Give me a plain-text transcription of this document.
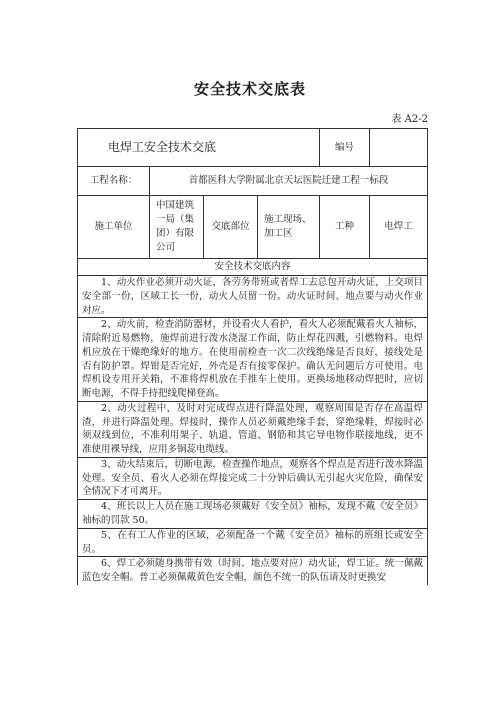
安全技术交底表
表 A2-2
电焊工安全技术交底				编号	
工程名称：	首都医科大学附属北京天坛医院迁建工程一标段				
施工单位	中国建筑一局（集团）有限公司	交底部位	施工现场、加工区	工种	电焊工
安全技术交底内容					

1、动火作业必须开动火证，各劳务带班或者焊工去总包开动火证，上交项目安全部一份，区域工长一份，动火人员留一份。动火证时间、地点要与动火作业对应。					

2、动火前，检查消防器材，并设看火人看护，看火人必须配戴看火人袖标，清除附近易燃物，施焊前进行泼水浇湿工作面，防止焊花四溅，引燃物料。电焊机应放在干燥绝缘好的地方。在使用前检查一次二次线绝缘是否良好，接线处是否有防护罩。焊钳是否完好，外壳是否有接零保护。确认无问题后方可使用。电焊机设专用开关箱，不准将焊机放在手推车上使用。更换场地移动焊把时，应切断电源，不得手持把线爬梯登高。					

2、动火过程中，及时对完成焊点进行降温处理，观察周围是否存在高温焊渣，并进行降温处理。焊接时，操作人员必须戴绝缘手套，穿绝缘鞋，焊接时必须双线到位，不准利用架子、轨道、管道、钢筋和其它导电物作联接地线，更不准使用裸导线，应用多铜蕊电缆线。					

3、动火结束后，切断电源，检查操作地点，观察各个焊点是否进行泼水降温处理。安全员、看火人必须在焊接完成二十分钟后确认无引起火灾危险，确保安全情况下才可离开。					

4、班长以上人员在施工现场必须戴好《安全员》袖标，发现不戴《安全员》袖标的罚款 50。					

5、在有工人作业的区域，必须配备一个戴《安全员》袖标的班组长或安全员。					

6、焊工必须随身携带有效（时间、地点要对应）动火证，焊工证。统一佩戴蓝色安全帽。普工必须佩戴黄色安全帽，颜色不统一的队伍请及时更换安					
